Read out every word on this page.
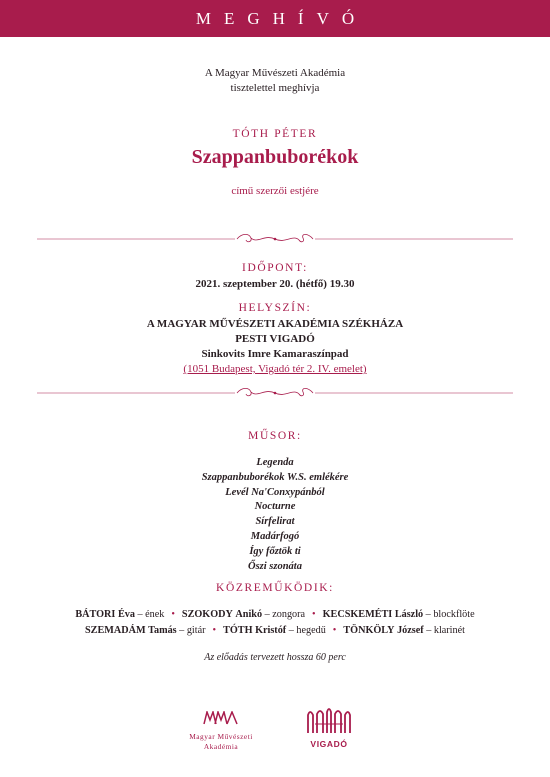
MEGHÍVÓ
A Magyar Művészeti Akadémia
tisztelettel meghívja
TÓTH PÉTER
Szappanbuborékok
című szerzői estjére
IDŐPONT:
2021. szeptember 20. (hétfő) 19.30
HELYSZÍN:
A MAGYAR MŰVÉSZETI AKADÉMIA SZÉKHÁZA
PESTI VIGADÓ
Sinkovits Imre Kamaraszínpad
(1051 Budapest, Vigadó tér 2. IV. emelet)
MŰSOR:
Legenda
Szappanbuborékok W.S. emlékére
Levél Na'Conxypánból
Nocturne
Sírfelirat
Madárfogó
Így főztök ti
Őszi szonáta
KÖZREMŰKÖDIK:
BÁTORI Éva – ének • SZOKODY Anikó – zongora • KECSKEMÉTI László – blockflöte
SZEMADÁM Tamás – gitár • TÓTH Kristóf – hegedű • TÖNKÖLY József – klarinét
Az előadás tervezett hossza 60 perc
Magyar Művészeti
Akadémia	VIGADÓ
